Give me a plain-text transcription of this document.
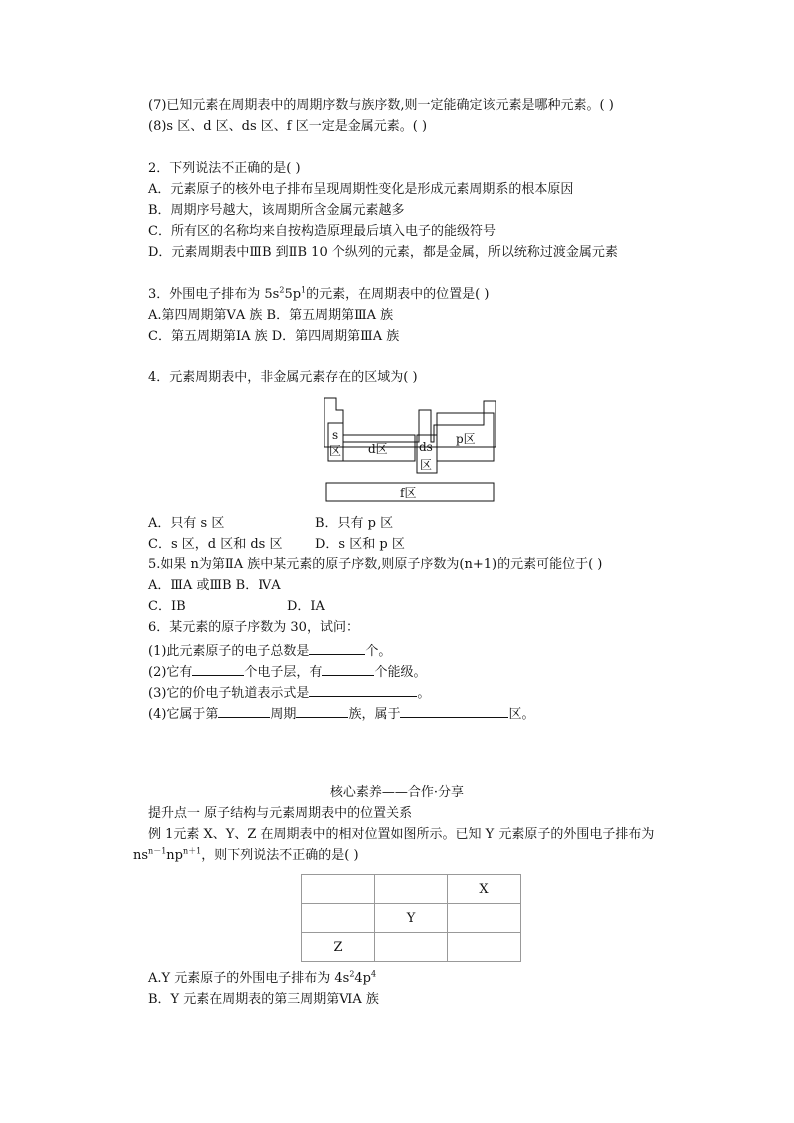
(7)已知元素在周期表中的周期序数与族序数,则一定能确定该元素是哪种元素。( )
(8)s 区、d 区、ds 区、f 区一定是金属元素。( )
2．下列说法不正确的是( )
A．元素原子的核外电子排布呈现周期性变化是形成元素周期系的根本原因
B．周期序号越大，该周期所含金属元素越多
C．所有区的名称均来自按构造原理最后填入电子的能级符号
D．元素周期表中ⅢB 到ⅡB 10 个纵列的元素，都是金属，所以统称过渡金属元素
3．外围电子排布为 $5s^25p^1$的元素，在周期表中的位置是( )
A.第四周期第ⅤA 族 B．第五周期第ⅢA 族
C．第五周期第ⅠA 族 D．第四周期第ⅢA 族
4．元素周期表中，非金属元素存在的区域为( )
s
区 d区	ds
区
p区
f区
A．只有 s 区	B．只有 p 区
C．s 区，d 区和 ds 区	D．s 区和 p 区
5.如果 n为第ⅡA 族中某元素的原子序数,则原子序数为(n+1)的元素可能位于( )
A．ⅢA 或ⅢB B．ⅣA
C．ⅠB	D．ⅠA
6．某元素的原子序数为 30，试问：
(1)此元素原子的电子总数是	个。
(2)它有	个电子层，有	个能级。
(3)它的价电子轨道表示式是	。
(4)它属于第	周期	族，属于	区。
核心素养——合作·分享
提升点一 原子结构与元素周期表中的位置关系
例 1元素 X、Y、Z 在周期表中的相对位置如图所示。已知 Y 元素原子的外围电子排布为
$ns^{n-1}np^{n+1}$，则下列说法不正确的是( )
		X
	Y	
Z		
A.Y 元素原子的外围电子排布为 $4s^24p^4$
B．Y 元素在周期表的第三周期第ⅥA 族
